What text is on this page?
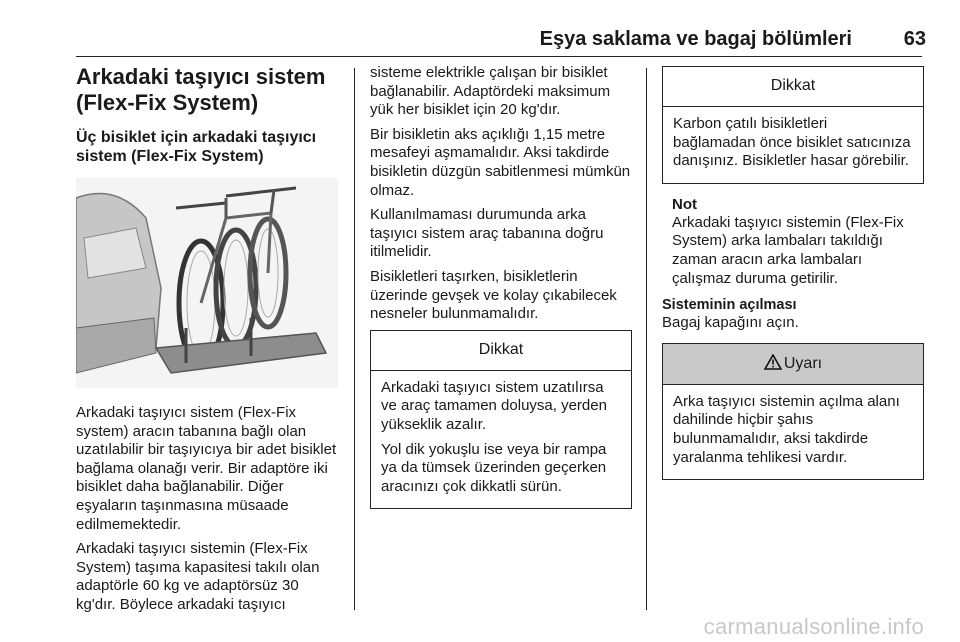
Eşya saklama ve bagaj bölümleri	63
Arkadaki taşıyıcı sistem (Flex-Fix System)
Üç bisiklet için arkadaki taşıyıcı sistem (Flex-Fix System)

Arkadaki taşıyıcı sistem (Flex-Fix system) aracın tabanına bağlı olan uzatılabilir bir taşıyıcıya bir adet bisiklet bağlama olanağı verir. Bir adaptöre iki bisiklet daha bağlanabilir. Diğer eşyaların taşınmasına müsaade edilmemektedir.

Arkadaki taşıyıcı sistemin (Flex-Fix System) taşıma kapasitesi takılı olan adaptörle 60 kg ve adaptörsüz 30 kg'dır. Böylece arkadaki taşıyıcı

sisteme elektrikle çalışan bir bisiklet bağlanabilir. Adaptördeki maksimum yük her bisiklet için 20 kg'dır.

Bir bisikletin aks açıklığı 1,15 metre mesafeyi aşmamalıdır. Aksi takdirde bisikletin düzgün sabitlenmesi mümkün olmaz.

Kullanılmaması durumunda arka taşıyıcı sistem araç tabanına doğru itilmelidir.

Bisikletleri taşırken, bisikletlerin üzerinde gevşek ve kolay çıkabilecek nesneler bulunmamalıdır.

Dikkat

Arkadaki taşıyıcı sistem uzatılırsa ve araç tamamen doluysa, yerden yükseklik azalır.

Yol dik yokuşlu ise veya bir rampa ya da tümsek üzerinden geçerken aracınızı çok dikkatli sürün.

Dikkat

Karbon çatılı bisikletleri bağlamadan önce bisiklet satıcınıza danışınız. Bisikletler hasar görebilir.

Not

Arkadaki taşıyıcı sistemin (Flex-Fix System) arka lambaları takıldığı zaman aracın arka lambaları çalışmaz duruma getirilir.

Sisteminin açılması

Bagaj kapağını açın.

Uyarı

Arka taşıyıcı sistemin açılma alanı dahilinde hiçbir şahıs bulunmamalıdır, aksi takdirde yaralanma tehlikesi vardır.

carmanualsonline.info
